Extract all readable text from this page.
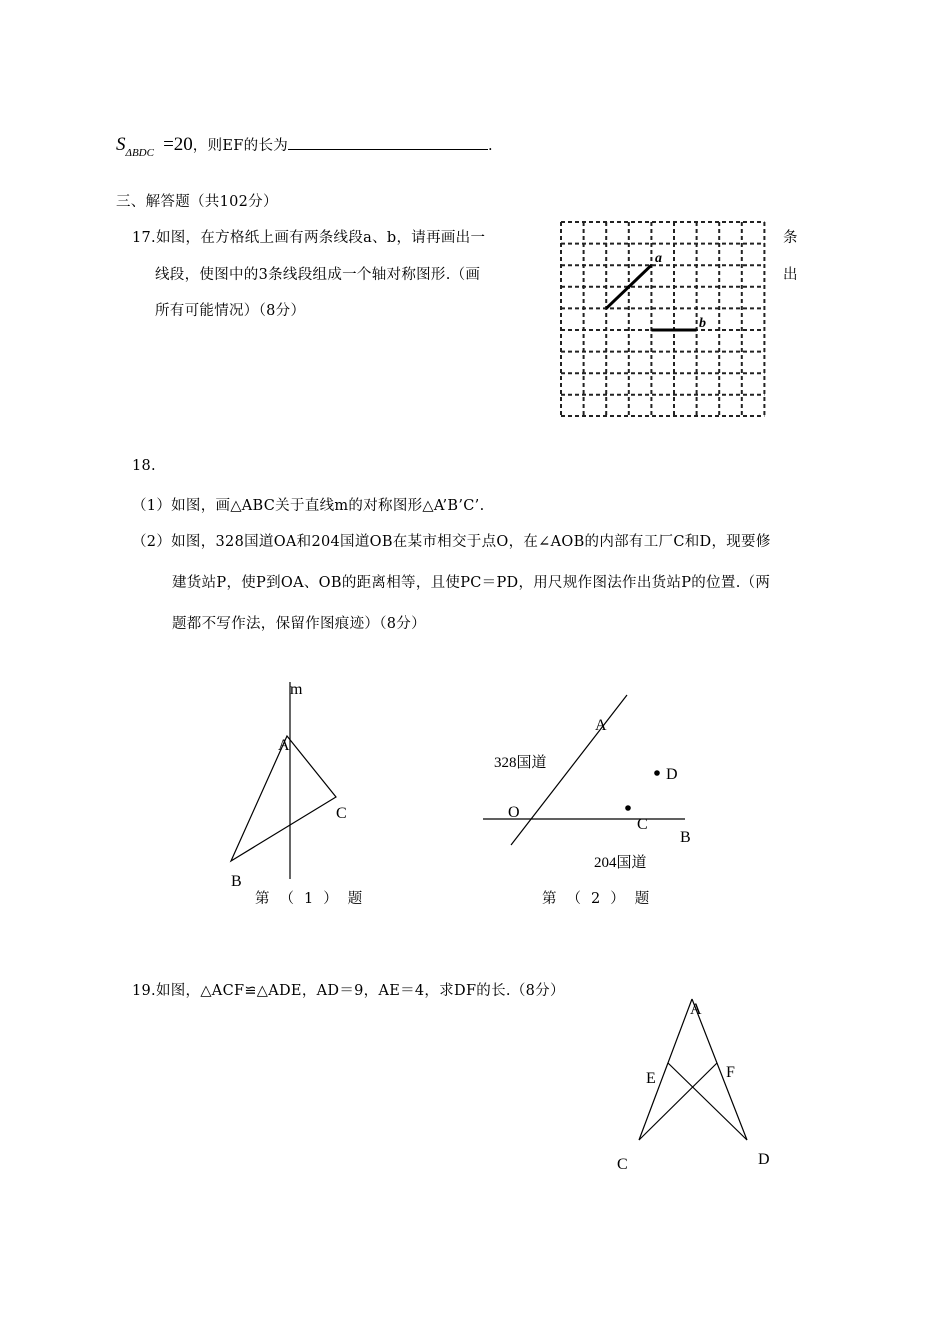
$S_{\Delta BDC} =20$，则EF的长为	.
三、解答题（共102分）
17.如图，在方格纸上画有两条线段a、b，请再画出一
线段，使图中的3条线段组成一个轴对称图形.（画
所有可能情况）（8分）
条
出
a
b
18.
（1）如图，画△ABC关于直线m的对称图形△A’B’C’.
（2）如图，328国道OA和204国道OB在某市相交于点O，在∠AOB的内部有工厂C和D，现要修
建货站P，使P到OA、OB的距离相等，且使PC＝PD，用尺规作图法作出货站P的位置.（两
题都不写作法，保留作图痕迹）（8分）
m
A
C
B
第（1）题
A
328国道
D
O
C
B
204国道
第（2）题
19.如图，△ACF≌△ADE，AD＝9，AE＝4，求DF的长.（8分）
A
E	F
C	D
